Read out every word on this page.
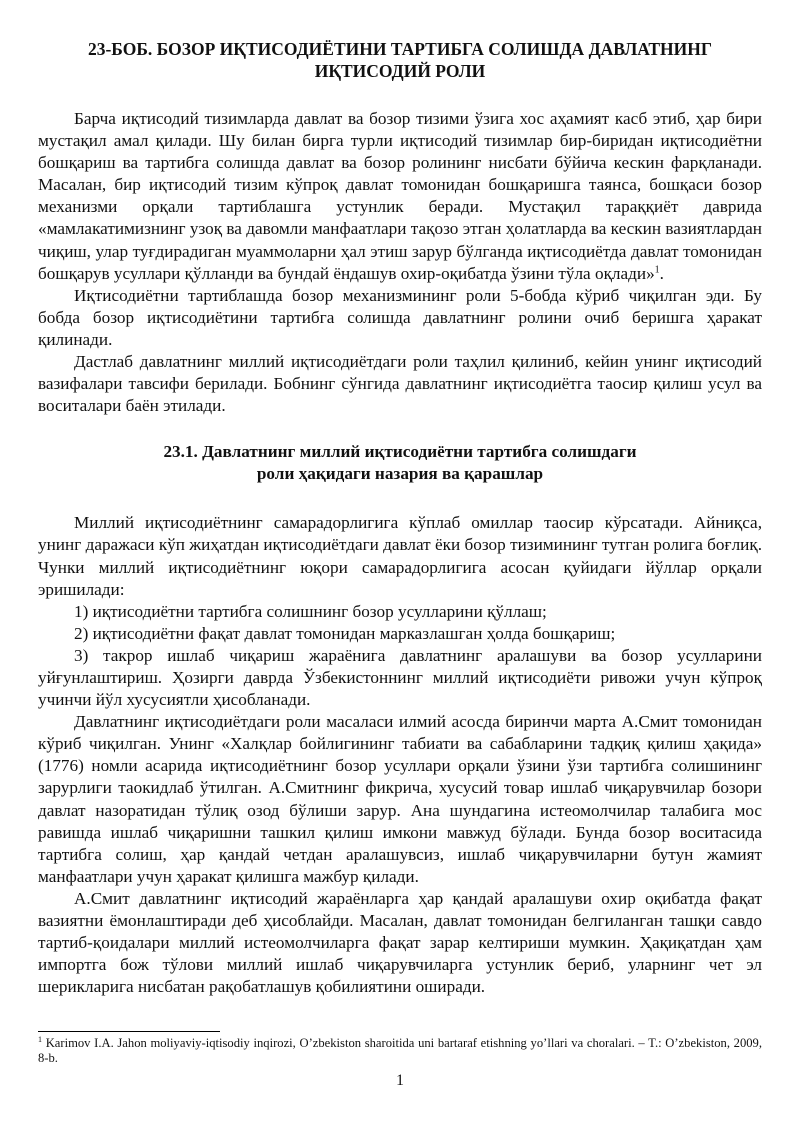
23-БОБ. БОЗОР ИҚТИСОДИЁТИНИ ТАРТИБГА СОЛИШДА ДАВЛАТНИНГ
ИҚТИСОДИЙ РОЛИ

Барча иқтисодий тизимларда давлат ва бозор тизими ўзига хос аҳамият касб этиб, ҳар бири мустақил амал қилади. Шу билан бирга турли иқтисодий тизимлар бир-биридан иқтисодиётни бошқариш ва тартибга солишда давлат ва бозор ролининг нисбати бўйича кескин фарқланади. Масалан, бир иқтисодий тизим кўпроқ давлат томонидан бошқаришга таянса, бошқаси бозор механизми орқали тартиблашга устунлик беради. Мустақил тараққиёт даврида «мамлакатимизнинг узоқ ва давомли манфаатлари тақозо этган ҳолатларда ва кескин вазиятлардан чиқиш, улар туғдирадиган муаммоларни ҳал этиш зарур бўлганда иқтисодиётда давлат томонидан бошқарув усуллари қўлланди ва бундай ёндашув охир-оқибатда ўзини тўла оқлади»$^1$.

Иқтисодиётни тартиблашда бозор механизмининг роли 5-бобда кўриб чиқилган эди. Бу бобда бозор иқтисодиётини тартибга солишда давлатнинг ролини очиб беришга ҳаракат қилинади.

Дастлаб давлатнинг миллий иқтисодиётдаги роли таҳлил қилиниб, кейин унинг иқтисодий вазифалари тавсифи берилади. Бобнинг сўнгида давлатнинг иқтисодиётга таосир қилиш усул ва воситалари баён этилади.

23.1. Давлатнинг миллий иқтисодиётни тартибга солишдаги
роли ҳақидаги назария ва қарашлар

Миллий иқтисодиётнинг самарадорлигига кўплаб омиллар таосир кўрсатади. Айниқса, унинг даражаси кўп жиҳатдан иқтисодиётдаги давлат ёки бозор тизимининг тутган ролига боғлиқ. Чунки миллий иқтисодиётнинг юқори самарадорлигига асосан қуйидаги йўллар орқали эришилади:

1) иқтисодиётни тартибга солишнинг бозор усулларини қўллаш;

2) иқтисодиётни фақат давлат томонидан марказлашган ҳолда бошқариш;

3) такрор ишлаб чиқариш жараёнига давлатнинг аралашуви ва бозор усулларини уйғунлаштириш. Ҳозирги даврда Ўзбекистоннинг миллий иқтисодиёти ривожи учун кўпроқ учинчи йўл хусусиятли ҳисобланади.

Давлатнинг иқтисодиётдаги роли масаласи илмий асосда биринчи марта А.Смит томонидан кўриб чиқилган. Унинг «Халқлар бойлигининг табиати ва сабабларини тадқиқ қилиш ҳақида» (1776) номли асарида иқтисодиётнинг бозор усуллари орқали ўзини ўзи тартибга солишининг зарурлиги таокидлаб ўтилган. А.Смитнинг фикрича, хусусий товар ишлаб чиқарувчилар бозори давлат назоратидан тўлиқ озод бўлиши зарур. Ана шундагина истеомолчилар талабига мос равишда ишлаб чиқаришни ташкил қилиш имкони мавжуд бўлади. Бунда бозор воситасида тартибга солиш, ҳар қандай четдан аралашувсиз, ишлаб чиқарувчиларни бутун жамият манфаатлари учун ҳаракат қилишга мажбур қилади.

А.Смит давлатнинг иқтисодий жараёнларга ҳар қандай аралашуви охир оқибатда фақат вазиятни ёмонлаштиради деб ҳисоблайди. Масалан, давлат томонидан белгиланган ташқи савдо тартиб-қоидалари миллий истеомолчиларга фақат зарар келтириши мумкин. Ҳақиқатдан ҳам импортга бож тўлови миллий ишлаб чиқарувчиларга устунлик бериб, уларнинг чет эл шерикларига нисбатан рақобатлашув қобилиятини оширади.

$^1$ Karimov I.A. Jahon moliyaviy-iqtisodiy inqirozi, O’zbekiston sharoitida uni bartaraf etishning yo’llari va choralari. – T.: O’zbekiston, 2009, 8-b.
1
